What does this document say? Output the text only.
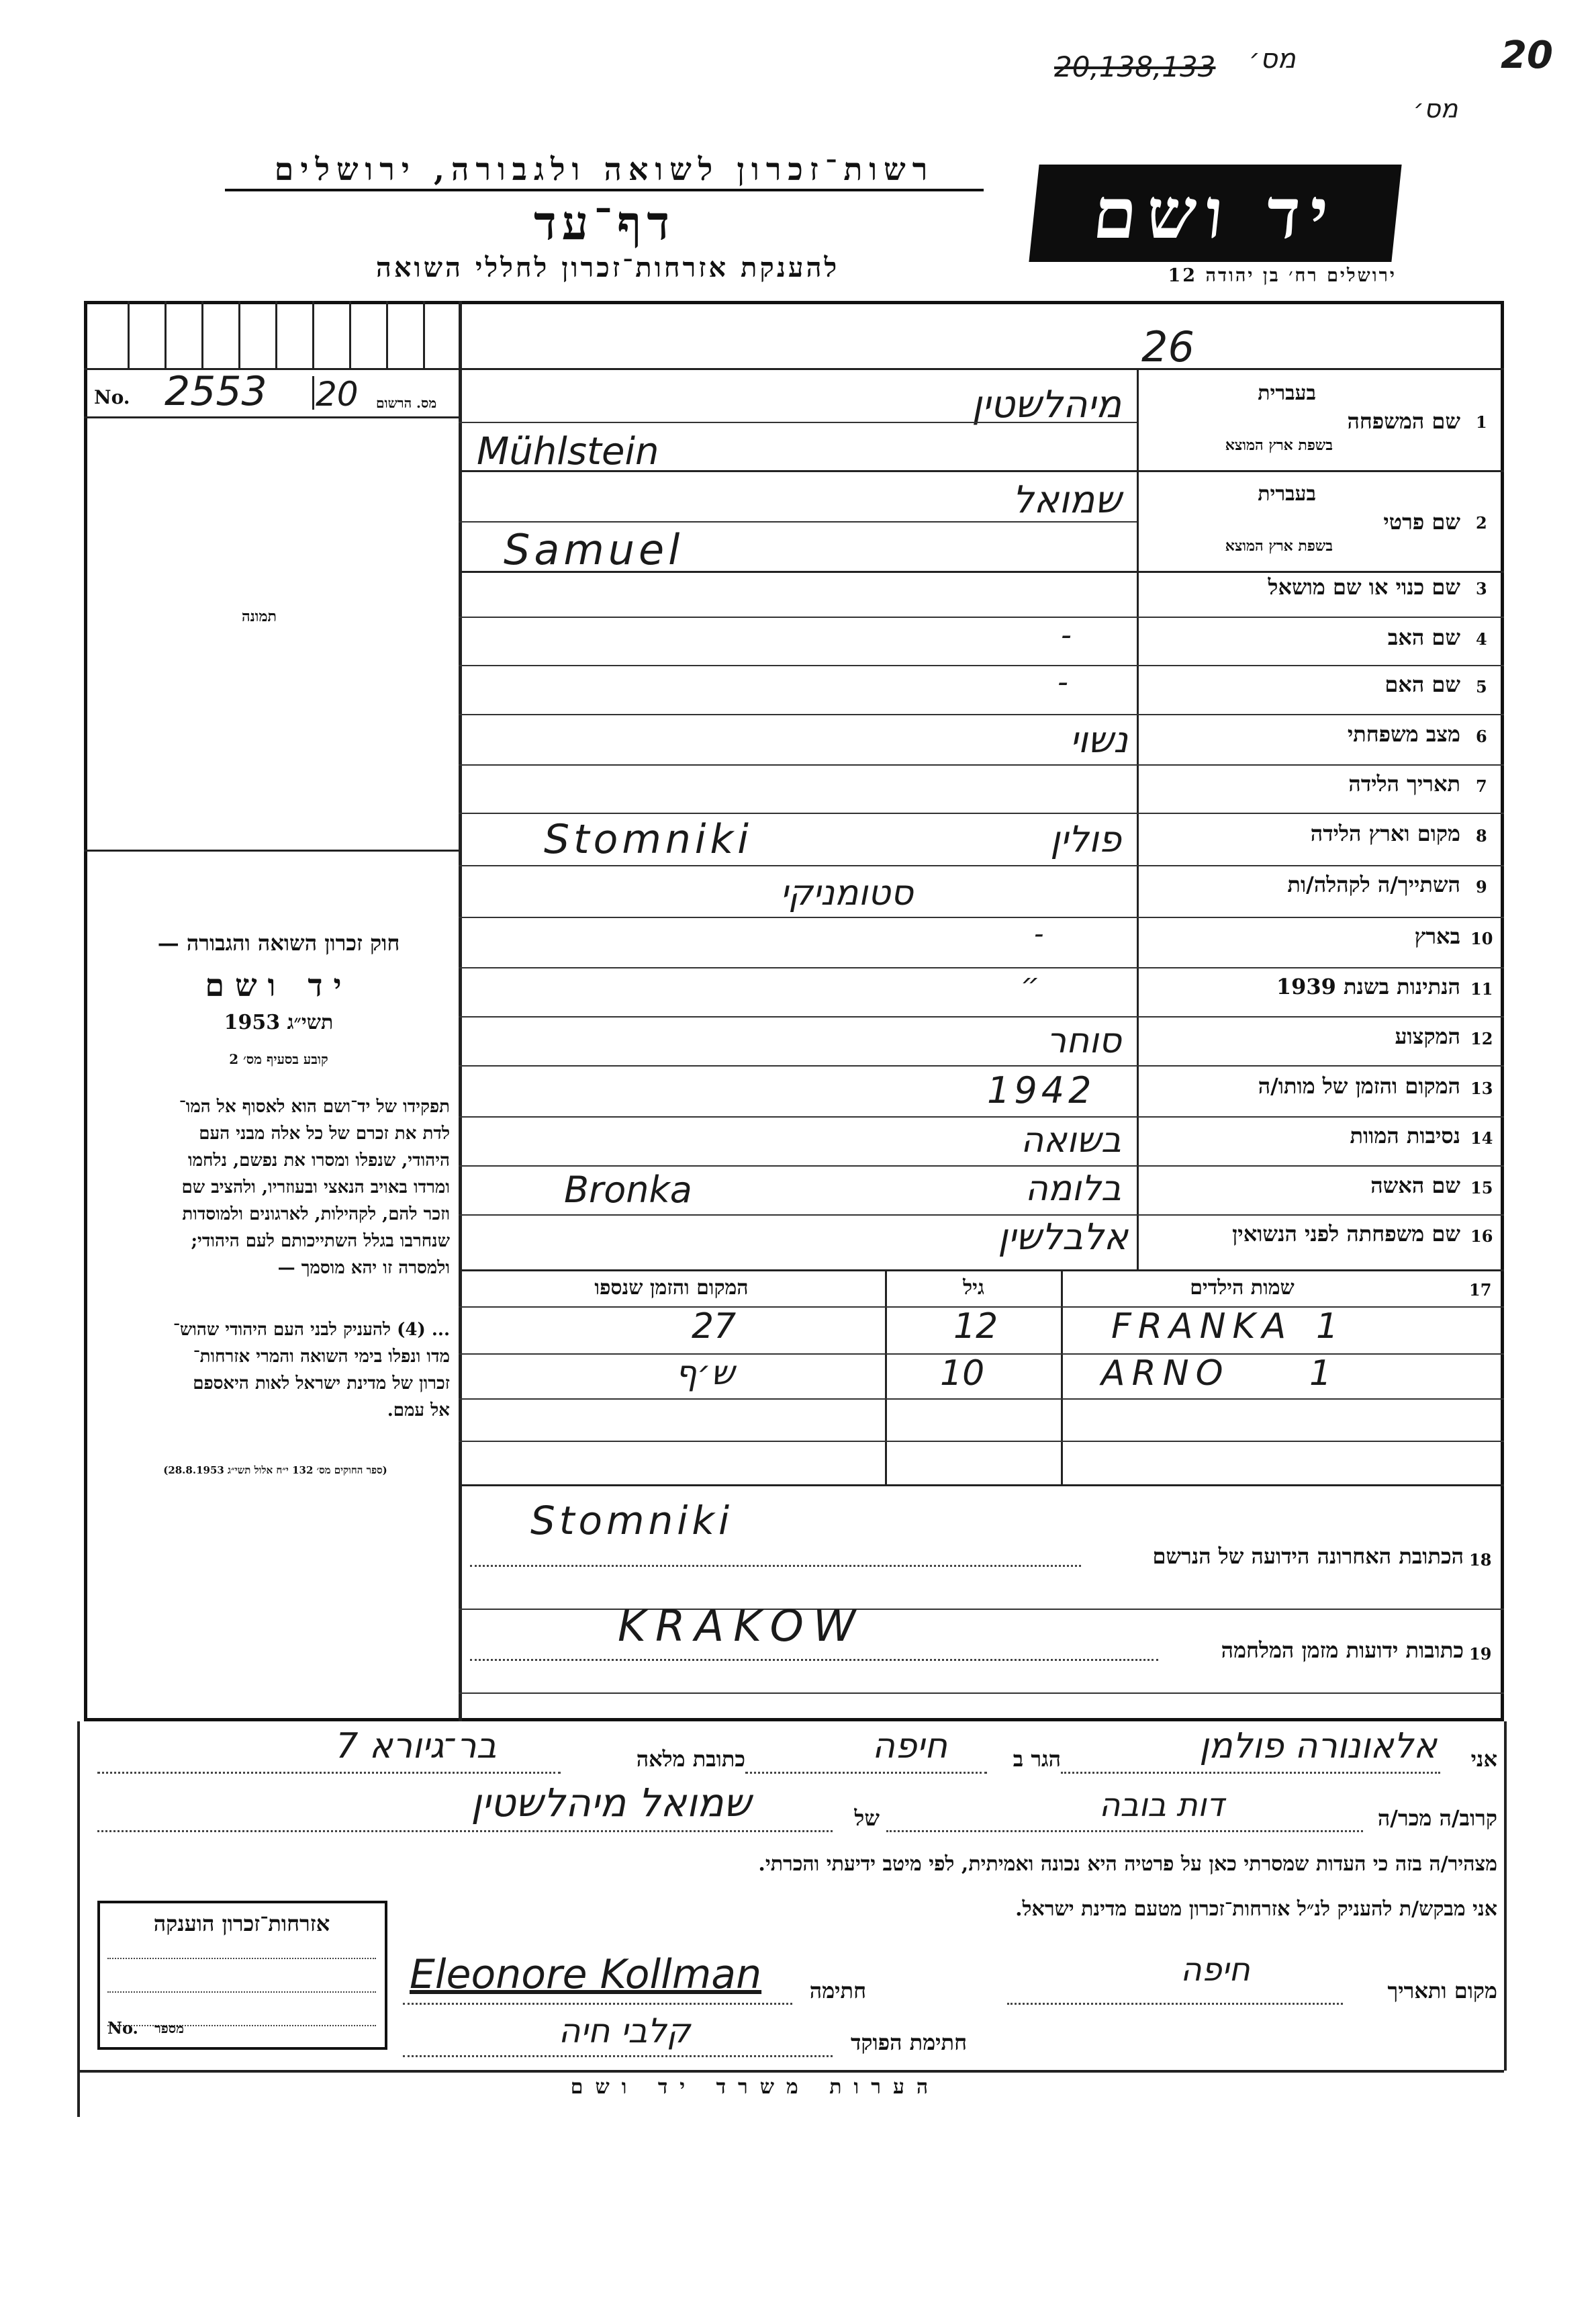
20
20,138,133 מס׳
מס׳
רשות־זכרון לשואה ולגבורה, ירושלים
דף־עד
להענקת אזרחות־זכרון לחללי השואה
יד ושם
ירושלים רח׳ בן יהודה 12
No. 2553 20 מס. הרשום
תמונה
חוק זכרון השואה והגבורה —
יד ושם
תשי״ג 1953
קובע בסעיף מס׳ 2
תפקידו של יד־ושם הוא לאסוף אל המו־
לדת את זכרם של כל אלה מבני העם
היהודי, שנפלו ומסרו את נפשם, נלחמו
ומרדו באויב הנאצי ובעוזריו, ולהציב שם
וזכר להם, לקהילות, לארגונים ולמוסדות
שנחרבו בגלל השתייכותם לעם היהודי;
ולמסרה זו יהא מוסמך —
... (4) להעניק לבני העם היהודי שהוש־
מדו ונפלו בימי השואה והמרי אזרחות־
זכרון של מדינת ישראל לאות היאספם
אל עמם.
(ספר החוקים מס׳ 132 י״ח אלול תשי״ג 28.8.1953)
26
בעברית
שם המשפחה 1
בשפת ארץ המוצא
מיהלשטין
Mühlstein
בעברית
שם פרטי 2
בשפת ארץ המוצא
שמואל
Samuel
שם כנוי או שם מושאל 3
שם האב 4
-
שם האם 5
-
מצב משפחתי 6
נשוי
תאריך הלידה 7
מקום וארץ הלידה 8
פולין
Stomniki
השתייך/ה לקהלה/ות 9
סטומניקי
בארץ 10
-
הנתינות בשנת 1939 11
״
המקצוע 12
סוחר
המקום והזמן של מותו/ה 13
1942
נסיבות המוות 14
בשואה
שם האשה 15
בלומה
Bronka
שם משפחתה לפני הנשואין 16
אלבלשין
שמות הילדים	17
גיל
המקום והזמן שנספו
FRANKA 1
12
27
ARNO 1
10
ש׳ף
Stomniki
הכתובת האחרונה הידועה של הנרשם 18
KRAKOW	כתובות ידועות מזמן המלחמה 19
אני
אלאונורה פולמן
הגר ב
חיפה
כתובת מלאה
בר־גיורא 7
קרוב/ה מכר/ה
דות בובה
של
שמואל מיהלשטין
מצהיר/ה בזה כי העדות שמסרתי כאן על פרטיה היא נכונה ואמיתית, לפי מיטב ידיעתי והכרתי.
אני מבקש/ת להעניק לנ״ל אזרחות־זכרון מטעם מדינת ישראל.
מקום ותאריך
חיפה
חתימה
Eleonore Kollman
חתימת הפוקד
קלבי חיה
אזרחות־זכרון הוענקה
No. מספר
הערות משרד יד ושם
